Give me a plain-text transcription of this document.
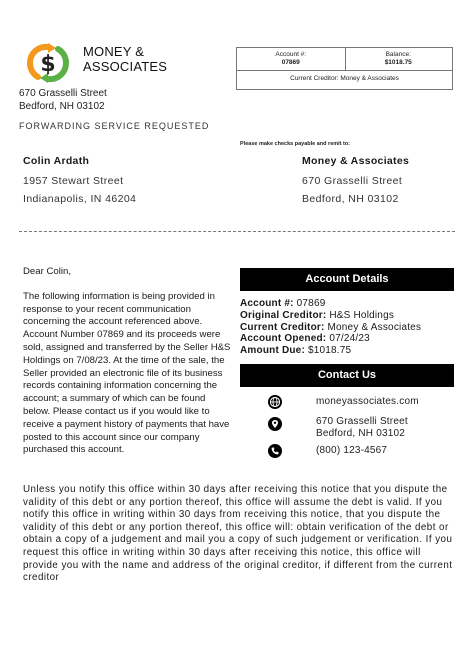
$
MONEY &
ASSOCIATES
670 Grasselli Street
Bedford, NH 03102
FORWARDING SERVICE REQUESTED
Account #:
07869
Balance:
$1018.75
Current Creditor: Money & Associates
Please make checks payable and remit to:
Colin Ardath
1957 Stewart Street
Indianapolis, IN 46204
Money & Associates
670 Grasselli Street
Bedford, NH 03102

Dear Colin,

The following information is being provided in response to your recent communication concerning the account referenced above. Account Number 07869 and its proceeds were sold, assigned and transferred by the Seller H&S Holdings on 7/08/23. At the time of the sale, the Seller provided an electronic file of its business records containing information concerning the account; a summary of which can be found below. Please contact us if you would like to receive a payment history of payments that have posted to this account since our company purchased this account.

Account Details
Account #: 07869
Original Creditor: H&S Holdings
Current Creditor: Money & Associates
Account Opened: 07/24/23
Amount Due: $1018.75
Contact Us
moneyassociates.com
670 Grasselli Street
Bedford, NH 03102
(800) 123-4567
Unless you notify this office within 30 days after receiving this notice that you dispute the validity of this debt or any portion thereof, this office will assume the debt is valid. If you notify this office in writing within 30 days from receiving this notice, that you dispute the validity of this debt or any portion thereof, this office will: obtain verification of the debt or obtain a copy of a judgement and mail you a copy of such judgement or verification. If you request this office in writing within 30 days after receiving this notice, this office will provide you with the name and address of the original creditor, if different from the current creditor
